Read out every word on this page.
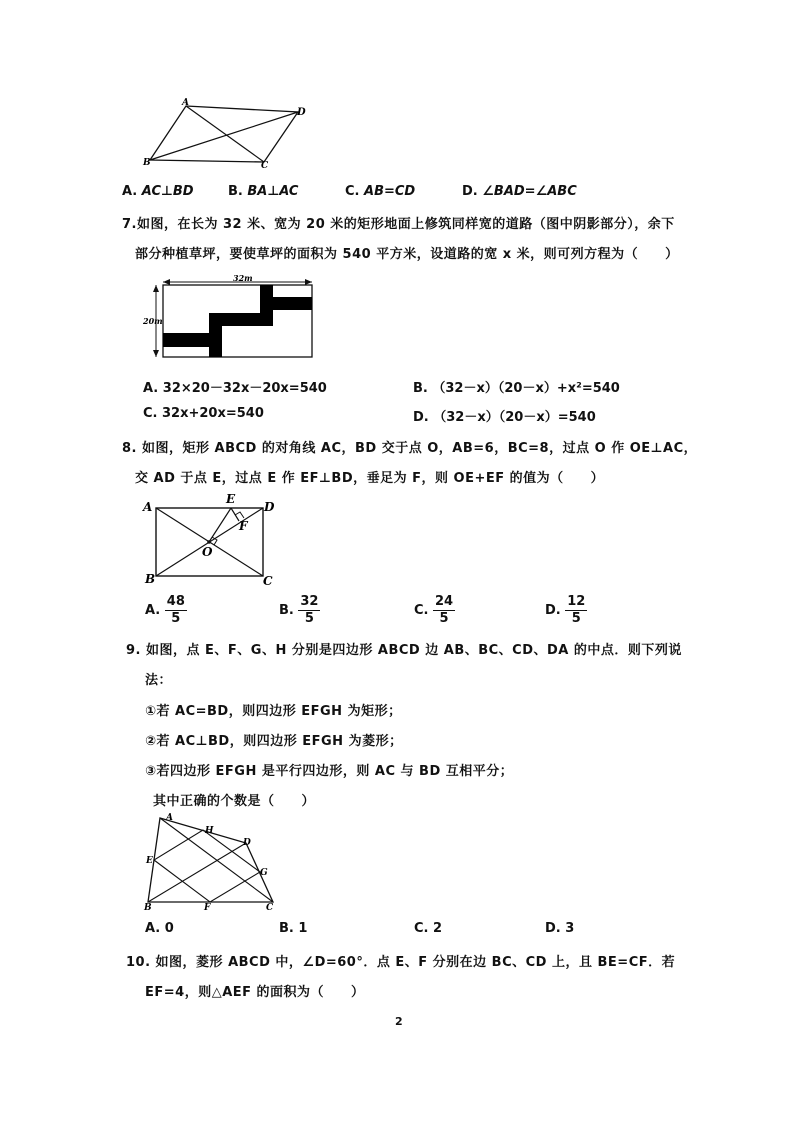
A
D
B	C
A. AC⊥BD	B. BA⊥AC	C. AB=CD	D. ∠BAD=∠ABC
7.如图，在长为 32 米、宽为 20 米的矩形地面上修筑同样宽的道路（图中阴影部分），余下
部分种植草坪，要使草坪的面积为 540 平方米，设道路的宽 x 米，则可列方程为（　　）
32m
20m
A. 32×20－32x－20x=540	B. （32－x）（20－x）+x²=540
C. 32x+20x=540	D. （32－x）（20－x）=540
8. 如图，矩形 ABCD 的对角线 AC，BD 交于点 O，AB=6，BC=8，过点 O 作 OE⊥AC，
交 AD 于点 E，过点 E 作 EF⊥BD，垂足为 F，则 OE+EF 的值为（　　）
A	D
B	C
E
F
O
A. $\frac{48}{5}$	B. $\frac{32}{5}$	C. $\frac{24}{5}$	D. $\frac{12}{5}$
9. 如图，点 E、F、G、H 分别是四边形 ABCD 边 AB、BC、CD、DA 的中点．则下列说
法：
①若 AC=BD，则四边形 EFGH 为矩形；
②若 AC⊥BD，则四边形 EFGH 为菱形；
③若四边形 EFGH 是平行四边形，则 AC 与 BD 互相平分；
其中正确的个数是（　　）
A
H
D
E
G
B	F	C
A. 0	B. 1	C. 2	D. 3
10. 如图，菱形 ABCD 中，∠D=60°．点 E、F 分别在边 BC、CD 上，且 BE=CF．若
EF=4，则△AEF 的面积为（　　）
2
